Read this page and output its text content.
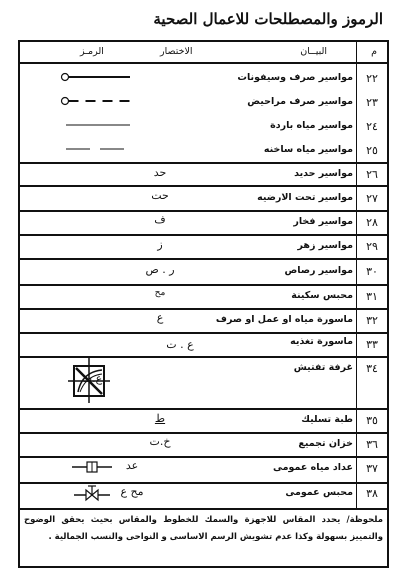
الرموز والمصطلحات للاعمال الصحية
م
البيــان
الاختصار
الرمـز
٢٢
مواسير صرف وسيفونات
٢٣
مواسير صرف مراحيض
٢٤
مواسير مياه باردة
٢٥
مواسير مياه ساخنه
٢٦
مواسير حديد
حد
٢٧
مواسير تحت الارضيه
حت
٢٨
مواسير فخار
ف
٢٩
مواسير زهر
ز
٣٠
مواسير رصاص
ر . ص
٣١
محبس سكينة
مح
٣٢
ماسورة مياه او عمل او صرف
ع
٣٣
ماسورة تغذيه
ع . ت
٣٤
غرفة تفتيش
غ.ت
٣٥
طبة تسليك
ط
٣٦
خزان تجميع
خ.ت
٣٧
عداد مياه عمومى
عد
٣٨
محبس عمومى
مح ع
ملحوظة/ يحدد المقاس للاجهزة والسمك للخطوط والمقاس بحيث يحقق الوضوح والتمييز بسهولة وكذا عدم تشويش الرسم الاساسى و النواحى والنسب الجمالية .
